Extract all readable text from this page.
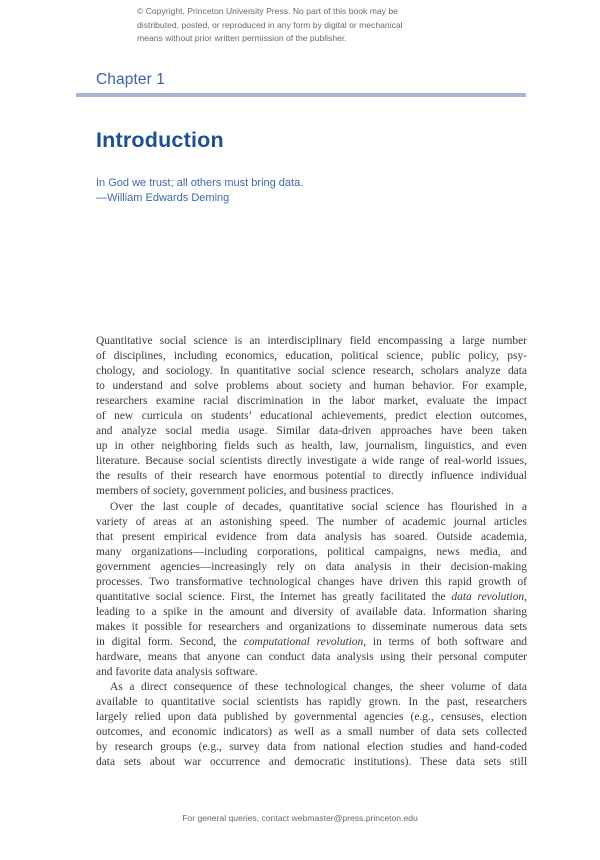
© Copyright, Princeton University Press. No part of this book may be
distributed, posted, or reproduced in any form by digital or mechanical
means without prior written permission of the publisher.
Chapter 1
Introduction
In God we trust; all others must bring data.
—William Edwards Deming
Quantitative social science is an interdisciplinary field encompassing a large number
of disciplines, including economics, education, political science, public policy, psy-
chology, and sociology. In quantitative social science research, scholars analyze data
to understand and solve problems about society and human behavior. For example,
researchers examine racial discrimination in the labor market, evaluate the impact
of new curricula on students’ educational achievements, predict election outcomes,
and analyze social media usage. Similar data-driven approaches have been taken
up in other neighboring fields such as health, law, journalism, linguistics, and even
literature. Because social scientists directly investigate a wide range of real-world issues,
the results of their research have enormous potential to directly influence individual
members of society, government policies, and business practices.
Over the last couple of decades, quantitative social science has flourished in a
variety of areas at an astonishing speed. The number of academic journal articles
that present empirical evidence from data analysis has soared. Outside academia,
many organizations—including corporations, political campaigns, news media, and
government agencies—increasingly rely on data analysis in their decision-making
processes. Two transformative technological changes have driven this rapid growth of
quantitative social science. First, the Internet has greatly facilitated the data revolution,
leading to a spike in the amount and diversity of available data. Information sharing
makes it possible for researchers and organizations to disseminate numerous data sets
in digital form. Second, the computational revolution, in terms of both software and
hardware, means that anyone can conduct data analysis using their personal computer
and favorite data analysis software.
As a direct consequence of these technological changes, the sheer volume of data
available to quantitative social scientists has rapidly grown. In the past, researchers
largely relied upon data published by governmental agencies (e.g., censuses, election
outcomes, and economic indicators) as well as a small number of data sets collected
by research groups (e.g., survey data from national election studies and hand-coded
data sets about war occurrence and democratic institutions). These data sets still
For general queries, contact webmaster@press.princeton.edu
